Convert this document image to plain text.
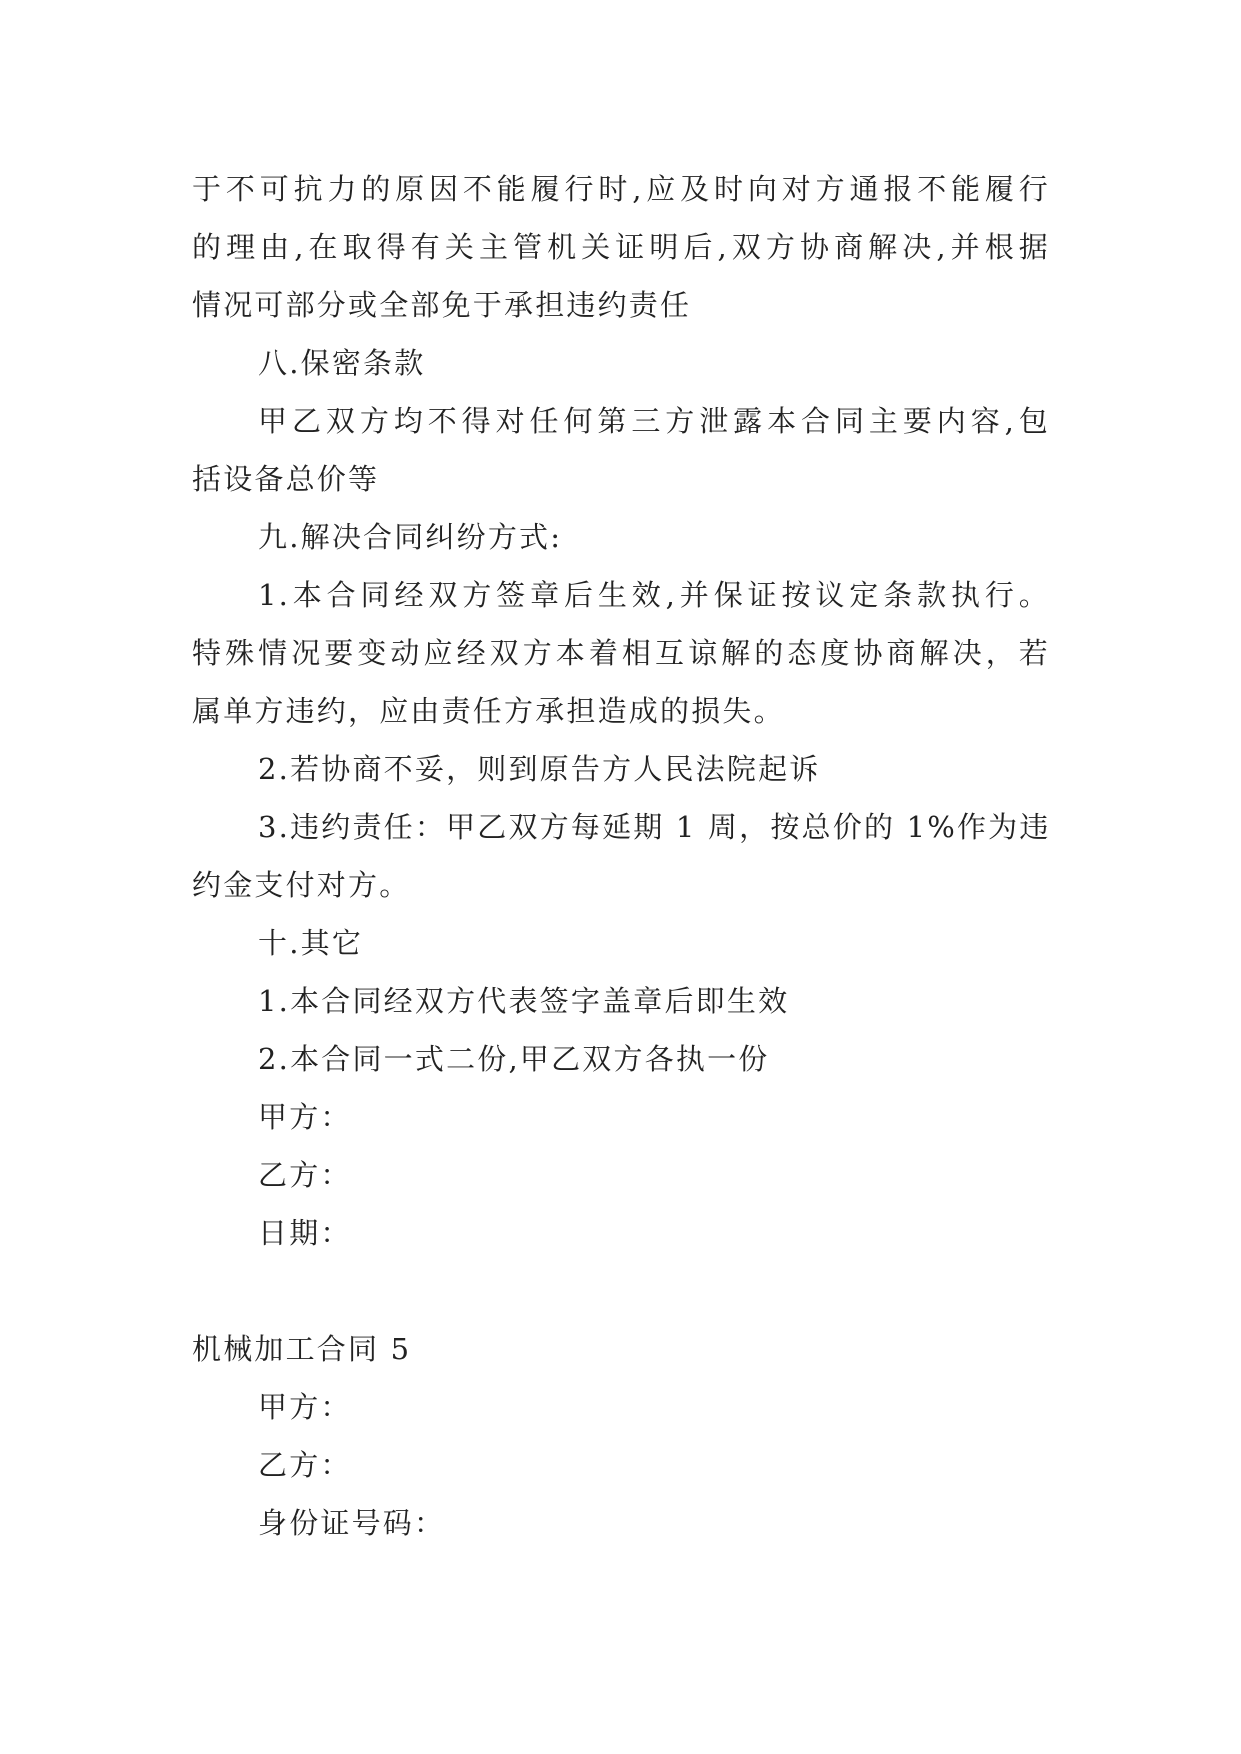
于不可抗力的原因不能履行时,应及时向对方通报不能履行
的理由,在取得有关主管机关证明后,双方协商解决,并根据
情况可部分或全部免于承担违约责任
八.保密条款
甲乙双方均不得对任何第三方泄露本合同主要内容,包
括设备总价等
九.解决合同纠纷方式:
1.本合同经双方签章后生效,并保证按议定条款执行。
特殊情况要变动应经双方本着相互谅解的态度协商解决，若
属单方违约，应由责任方承担造成的损失。
2.若协商不妥，则到原告方人民法院起诉
3.违约责任：甲乙双方每延期 1 周，按总价的 1%作为违
约金支付对方。
十.其它
1.本合同经双方代表签字盖章后即生效
2.本合同一式二份,甲乙双方各执一份
甲方：
乙方：
日期：
机械加工合同 5
甲方：
乙方：
身份证号码：
